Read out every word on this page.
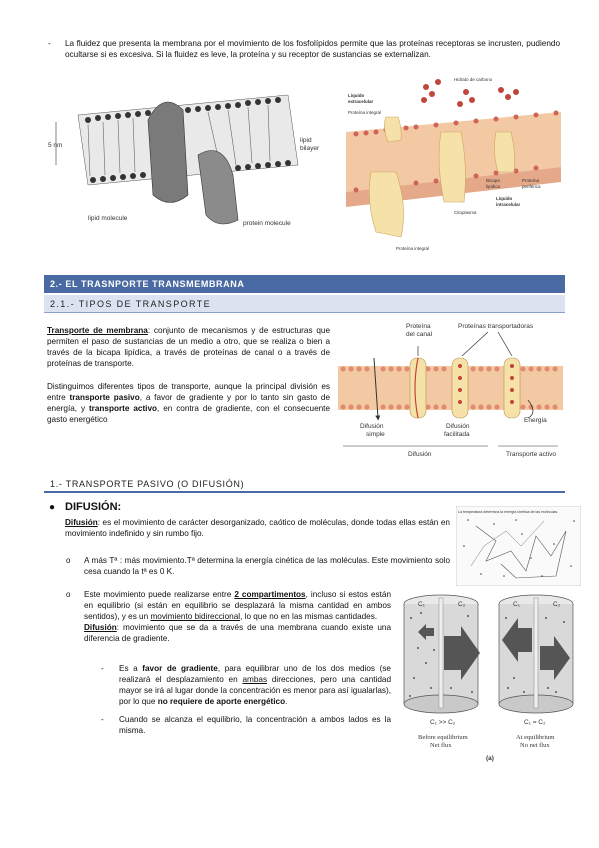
- La fluidez que presenta la membrana por el movimiento de los fosfolípidos permite que las proteínas receptoras se incrusten, pudiendo ocultarse si es excesiva. Si la fluidez es leve, la proteína y su receptor de sustancias se externalizan.
5 nm
lipid
bilayer
lipid molecule
protein molecule
Hidrato de carbono
Líquido
extracelular
Proteína integral
Bicapa
lipídica
Proteína
periférica
Líquido
intracelular
Citoplasma
Proteína integral
2.- EL TRASNPORTE TRANSMEMBRANA
2.1.- TIPOS DE TRANSPORTE
Transporte de membrana: conjunto de mecanismos y de estructuras que permiten el paso de sustancias de un medio a otro, que se realiza o bien a través de la bicapa lipídica, a través de proteínas de canal o a través de proteínas de transporte.
Distinguimos diferentes tipos de transporte, aunque la principal división es entre transporte pasivo, a favor de gradiente y por lo tanto sin gasto de energía, y transporte activo, en contra de gradiente, con el consecuente gasto energético
Proteína
del canal
Proteínas transportadoras
Difusión
simple
Difusión
facilitada
Energía
Difusión	Transporte activo
1.- TRANSPORTE PASIVO (O DIFUSIÓN)
● DIFUSIÓN:
Difusión: es el movimiento de carácter desorganizado, caótico de moléculas, donde todas ellas están en movimiento indefinido y sin rumbo fijo.
o A más Tª : más movimiento.Tª determina la energía cinética de las moléculas. Este movimiento solo cesa cuando la tª es 0 K.
o Este movimiento puede realizarse entre 2 compartimentos, incluso si estos están en equilibrio (si están en equilibrio se desplazará la misma cantidad en ambos sentidos), y es un movimiento bidireccional, lo que no en las mismas cantidades.
Difusión: movimiento que se da a través de una membrana cuando existe una diferencia de gradiente.
- Es a favor de gradiente, para equilibrar uno de los dos medios (se realizará el desplazamiento en ambas direcciones, pero una cantidad mayor se irá al lugar donde la concentración es menor para así igualarlas), por lo que no requiere de aporte energético.
- Cuando se alcanza el equilibrio, la concentración a ambos lados es la misma.
La temperatura determina la energía cinética de las moléculas
C₁	C₂	C₁	C₂
C₁ >> C₂	C₁ = C₂
Before equilibrium
Net flux
At equilibrium
No net flux
(a)
